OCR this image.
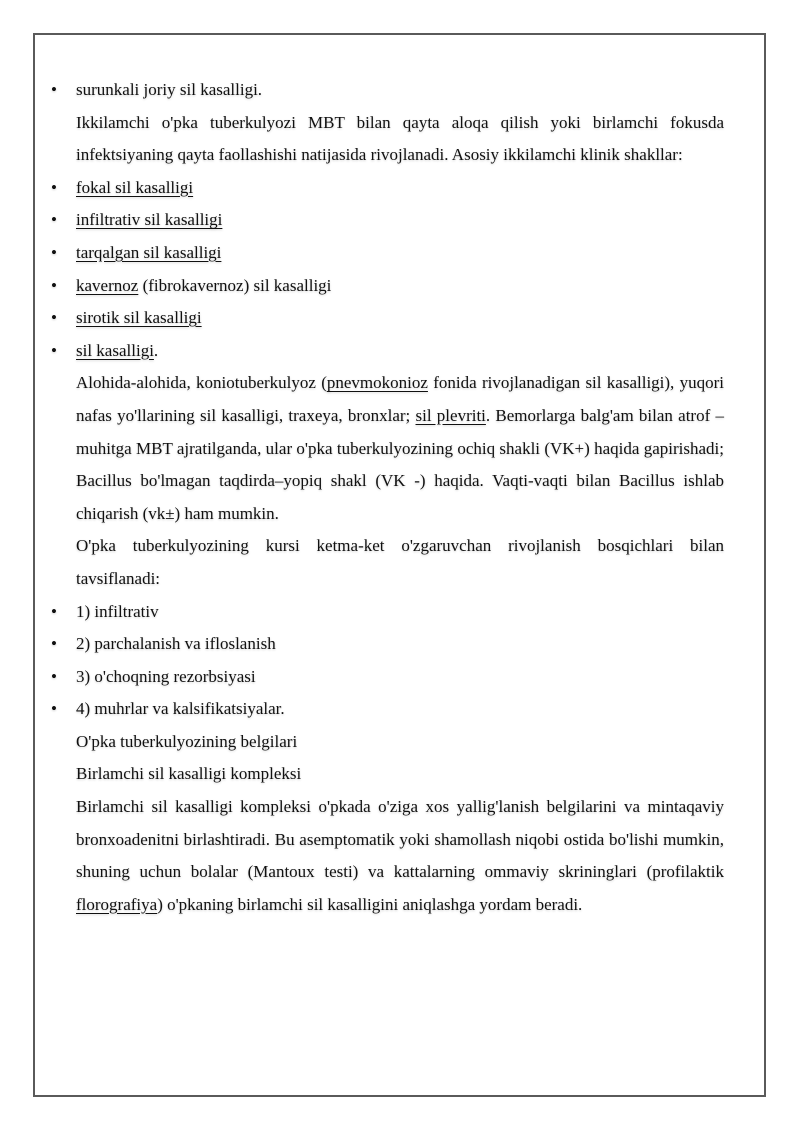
• surunkali joriy sil kasalligi.
Ikkilamchi o'pka tuberkulyozi MBT bilan qayta aloqa qilish yoki birlamchi fokusda infektsiyaning qayta faollashishi natijasida rivojlanadi. Asosiy ikkilamchi klinik shakllar:
• fokal sil kasalligi
• infiltrativ sil kasalligi
• tarqalgan sil kasalligi
• kavernoz (fibrokavernoz) sil kasalligi
• sirotik sil kasalligi
• sil kasalligi.
Alohida-alohida, koniotuberkulyoz (pnevmokonioz fonida rivojlanadigan sil kasalligi), yuqori nafas yo'llarining sil kasalligi, traxeya, bronxlar; sil plevriti. Bemorlarga balg'am bilan atrof – muhitga MBT ajratilganda, ular o'pka tuberkulyozining ochiq shakli (VK+) haqida gapirishadi; Bacillus bo'lmagan taqdirda–yopiq shakl (VK -) haqida. Vaqti-vaqti bilan Bacillus ishlab chiqarish (vk±) ham mumkin.
O'pka tuberkulyozining kursi ketma-ket o'zgaruvchan rivojlanish bosqichlari bilan tavsiflanadi:
• 1) infiltrativ
• 2) parchalanish va ifloslanish
• 3) o'choqning rezorbsiyasi
• 4) muhrlar va kalsifikatsiyalar.
O'pka tuberkulyozining belgilari
Birlamchi sil kasalligi kompleksi
Birlamchi sil kasalligi kompleksi o'pkada o'ziga xos yallig'lanish belgilarini va mintaqaviy bronxoadenitni birlashtiradi. Bu asemptomatik yoki shamollash niqobi ostida bo'lishi mumkin, shuning uchun bolalar (Mantoux testi) va kattalarning ommaviy skrininglari (profilaktik florografiya) o'pkaning birlamchi sil kasalligini aniqlashga yordam beradi.
